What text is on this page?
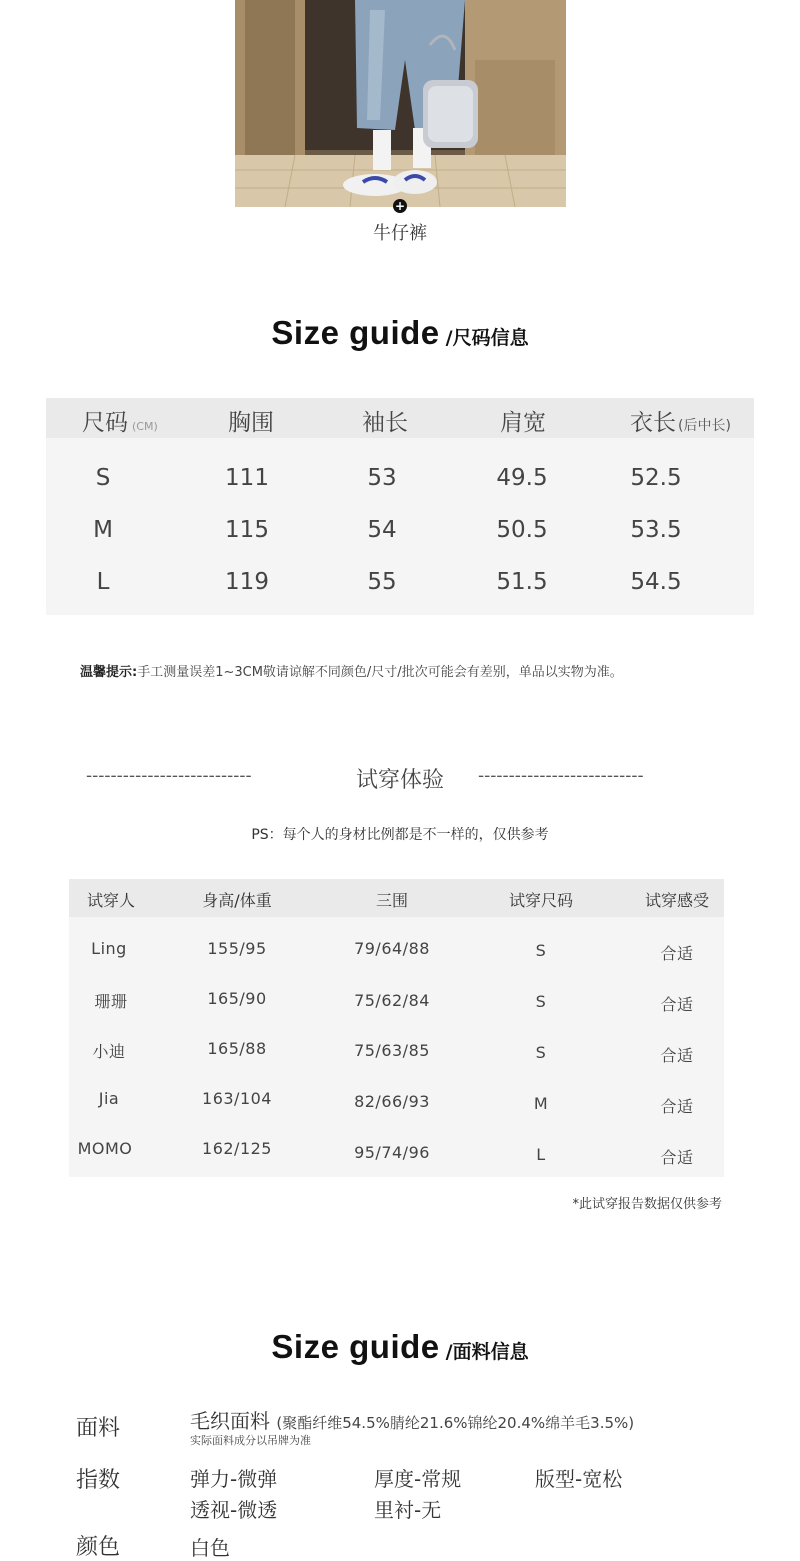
+
牛仔裤
Size guide /尺码信息
尺码 (CM)	胸围	袖长	肩宽	衣长 (后中长)
S	111	53	49.5	52.5
M	115	54	50.5	53.5
L	119	55	51.5	54.5
温馨提示:手工测量误差1~3CM敬请谅解不同颜色/尺寸/批次可能会有差别，单品以实物为准。
---------------------------	试穿体验	---------------------------
PS：每个人的身材比例都是不一样的，仅供参考
试穿人	身高/体重	三围	试穿尺码	试穿感受
Ling	155/95	79/64/88	S	合适
珊珊	165/90	75/62/84	S	合适
小迪	165/88	75/63/85	S	合适
Jia	163/104	82/66/93	M	合适
MOMO	162/125	95/74/96	L	合适
*此试穿报告数据仅供参考
Size guide /面料信息
面料	毛织面料 (聚酯纤维54.5%腈纶21.6%锦纶20.4%绵羊毛3.5%)
实际面料成分以吊牌为准
指数	弹力-微弹	厚度-常规	版型-宽松
透视-微透	里衬-无
颜色	白色
